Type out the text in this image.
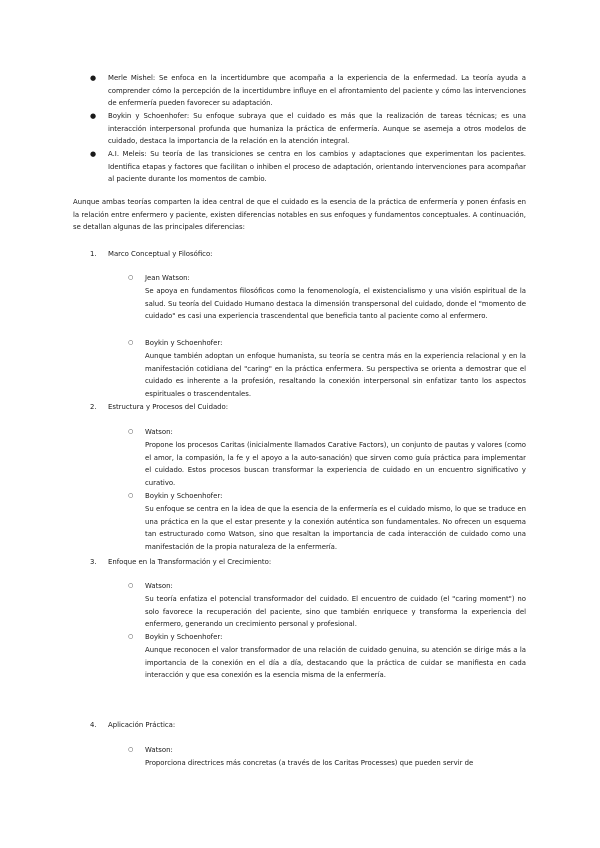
● Merle Mishel: Se enfoca en la incertidumbre que acompaña a la experiencia de la enfermedad. La teoría ayuda a comprender cómo la percepción de la incertidumbre influye en el afrontamiento del paciente y cómo las intervenciones de enfermería pueden favorecer su adaptación.
● Boykin y Schoenhofer: Su enfoque subraya que el cuidado es más que la realización de tareas técnicas; es una interacción interpersonal profunda que humaniza la práctica de enfermería. Aunque se asemeja a otros modelos de cuidado, destaca la importancia de la relación en la atención integral.
● A.I. Meleis: Su teoría de las transiciones se centra en los cambios y adaptaciones que experimentan los pacientes. Identifica etapas y factores que facilitan o inhiben el proceso de adaptación, orientando intervenciones para acompañar al paciente durante los momentos de cambio.
Aunque ambas teorías comparten la idea central de que el cuidado es la esencia de la práctica de enfermería y ponen énfasis en la relación entre enfermero y paciente, existen diferencias notables en sus enfoques y fundamentos conceptuales. A continuación, se detallan algunas de las principales diferencias:
1. Marco Conceptual y Filosófico:
○ Jean Watson:
Se apoya en fundamentos filosóficos como la fenomenología, el existencialismo y una visión espiritual de la salud. Su teoría del Cuidado Humano destaca la dimensión transpersonal del cuidado, donde el "momento de cuidado" es casi una experiencia trascendental que beneficia tanto al paciente como al enfermero.
○ Boykin y Schoenhofer:
Aunque también adoptan un enfoque humanista, su teoría se centra más en la experiencia relacional y en la manifestación cotidiana del "caring" en la práctica enfermera. Su perspectiva se orienta a demostrar que el cuidado es inherente a la profesión, resaltando la conexión interpersonal sin enfatizar tanto los aspectos espirituales o trascendentales.
2. Estructura y Procesos del Cuidado:
○ Watson:
Propone los procesos Caritas (inicialmente llamados Carative Factors), un conjunto de pautas y valores (como el amor, la compasión, la fe y el apoyo a la auto-sanación) que sirven como guía práctica para implementar el cuidado. Estos procesos buscan transformar la experiencia de cuidado en un encuentro significativo y curativo.
○ Boykin y Schoenhofer:
Su enfoque se centra en la idea de que la esencia de la enfermería es el cuidado mismo, lo que se traduce en una práctica en la que el estar presente y la conexión auténtica son fundamentales. No ofrecen un esquema tan estructurado como Watson, sino que resaltan la importancia de cada interacción de cuidado como una manifestación de la propia naturaleza de la enfermería.
3. Enfoque en la Transformación y el Crecimiento:
○ Watson:
Su teoría enfatiza el potencial transformador del cuidado. El encuentro de cuidado (el "caring moment") no solo favorece la recuperación del paciente, sino que también enriquece y transforma la experiencia del enfermero, generando un crecimiento personal y profesional.
○ Boykin y Schoenhofer:
Aunque reconocen el valor transformador de una relación de cuidado genuina, su atención se dirige más a la importancia de la conexión en el día a día, destacando que la práctica de cuidar se manifiesta en cada interacción y que esa conexión es la esencia misma de la enfermería.
4. Aplicación Práctica:
○ Watson:
Proporciona directrices más concretas (a través de los Caritas Processes) que pueden servir de
